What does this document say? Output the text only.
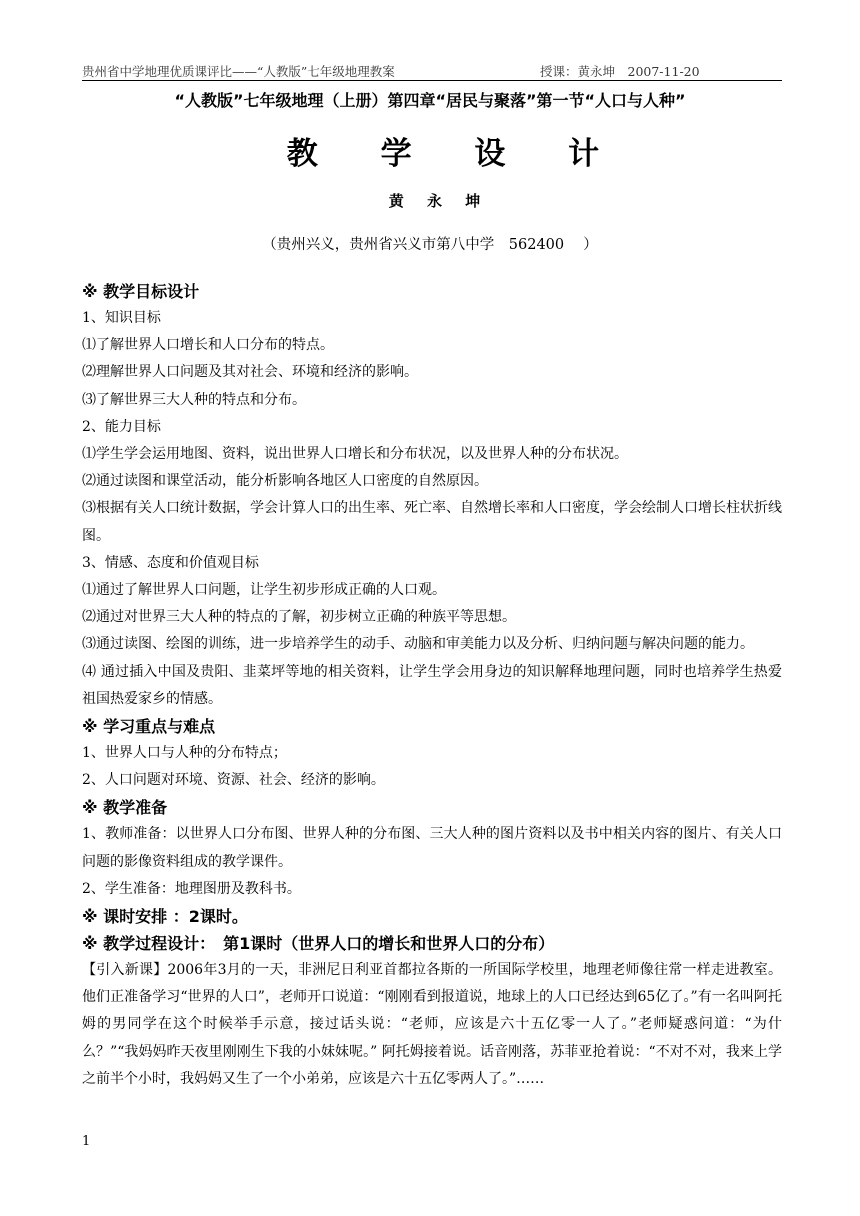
贵州省中学地理优质课评比——“人教版”七年级地理教案	授课：黄永坤　2007-11-20
“人教版”七年级地理（上册）第四章“居民与聚落”第一节“人口与人种”
教 学 设 计
黄 永 坤
（贵州兴义，贵州省兴义市第八中学　562400　 ）
※ 教学目标设计
1、知识目标
⑴了解世界人口增长和人口分布的特点。
⑵理解世界人口问题及其对社会、环境和经济的影响。
⑶了解世界三大人种的特点和分布。
2、能力目标
⑴学生学会运用地图、资料，说出世界人口增长和分布状况，以及世界人种的分布状况。
⑵通过读图和课堂活动，能分析影响各地区人口密度的自然原因。
⑶根据有关人口统计数据，学会计算人口的出生率、死亡率、自然增长率和人口密度，学会绘制人口增长柱状折线图。
3、情感、态度和价值观目标
⑴通过了解世界人口问题，让学生初步形成正确的人口观。
⑵通过对世界三大人种的特点的了解，初步树立正确的种族平等思想。
⑶通过读图、绘图的训练，进一步培养学生的动手、动脑和审美能力以及分析、归纳问题与解决问题的能力。
⑷ 通过插入中国及贵阳、韭菜坪等地的相关资料，让学生学会用身边的知识解释地理问题，同时也培养学生热爱祖国热爱家乡的情感。
※ 学习重点与难点
1、世界人口与人种的分布特点；
2、人口问题对环境、资源、社会、经济的影响。
※ 教学准备
1、教师准备：以世界人口分布图、世界人种的分布图、三大人种的图片资料以及书中相关内容的图片、有关人口问题的影像资料组成的教学课件。
2、学生准备：地理图册及教科书。
※ 课时安排 ：2课时。
※ 教学过程设计：　第1课时（世界人口的增长和世界人口的分布）
【引入新课】2006年3月的一天，非洲尼日利亚首都拉各斯的一所国际学校里，地理老师像往常一样走进教室。他们正准备学习“世界的人口”，老师开口说道：“刚刚看到报道说，地球上的人口已经达到65亿了。”有一名叫阿托姆的男同学在这个时候举手示意，接过话头说：“老师，应该是六十五亿零一人了。”老师疑惑问道：“为什么？”“我妈妈昨天夜里刚刚生下我的小妹妹呢。” 阿托姆接着说。话音刚落，苏菲亚抢着说：“不对不对，我来上学之前半个小时，我妈妈又生了一个小弟弟，应该是六十五亿零两人了。”……
1
